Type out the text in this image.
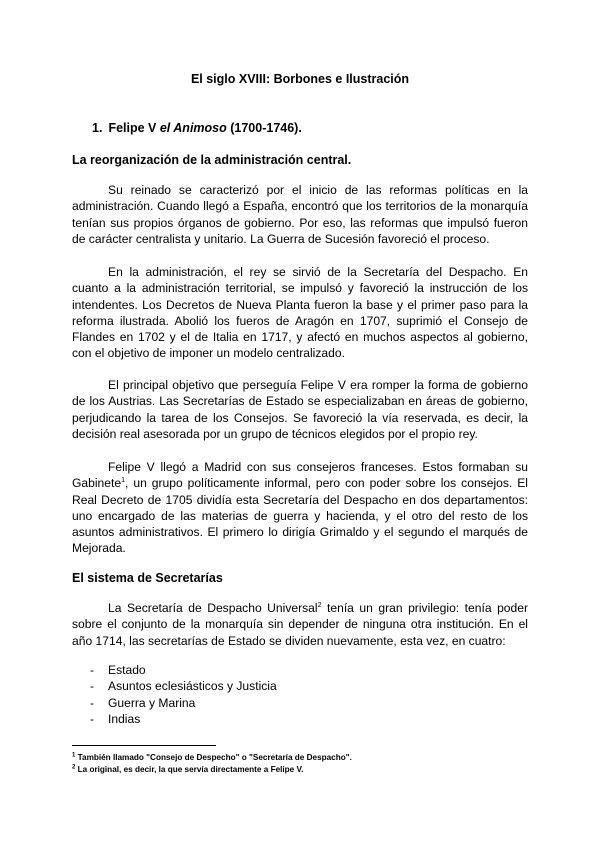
El siglo XVIII: Borbones e Ilustración
1. Felipe V el Animoso (1700-1746).
La reorganización de la administración central.

Su reinado se caracterizó por el inicio de las reformas políticas en la administración. Cuando llegó a España, encontró que los territorios de la monarquía tenían sus propios órganos de gobierno. Por eso, las reformas que impulsó fueron de carácter centralista y unitario. La Guerra de Sucesión favoreció el proceso.

En la administración, el rey se sirvió de la Secretaría del Despacho. En cuanto a la administración territorial, se impulsó y favoreció la instrucción de los intendentes. Los Decretos de Nueva Planta fueron la base y el primer paso para la reforma ilustrada. Abolió los fueros de Aragón en 1707, suprimió el Consejo de Flandes en 1702 y el de Italia en 1717, y afectó en muchos aspectos al gobierno, con el objetivo de imponer un modelo centralizado.

El principal objetivo que perseguía Felipe V era romper la forma de gobierno de los Austrias. Las Secretarías de Estado se especializaban en áreas de gobierno, perjudicando la tarea de los Consejos. Se favoreció la vía reservada, es decir, la decisión real asesorada por un grupo de técnicos elegidos por el propio rey.

Felipe V llegó a Madrid con sus consejeros franceses. Estos formaban su Gabinete$^1$, un grupo políticamente informal, pero con poder sobre los consejos. El Real Decreto de 1705 dividía esta Secretaría del Despacho en dos departamentos: uno encargado de las materias de guerra y hacienda, y el otro del resto de los asuntos administrativos. El primero lo dirigía Grimaldo y el segundo el marqués de Mejorada.

El sistema de Secretarías

La Secretaría de Despacho Universal$^2$ tenía un gran privilegio: tenía poder sobre el conjunto de la monarquía sin depender de ninguna otra institución. En el año 1714, las secretarías de Estado se dividen nuevamente, esta vez, en cuatro:

- Estado
- Asuntos eclesiásticos y Justicia
- Guerra y Marina
- Indias
$^1$ También llamado "Consejo de Despecho" o "Secretaría de Despacho".
$^2$ La original, es decir, la que servía directamente a Felipe V.
